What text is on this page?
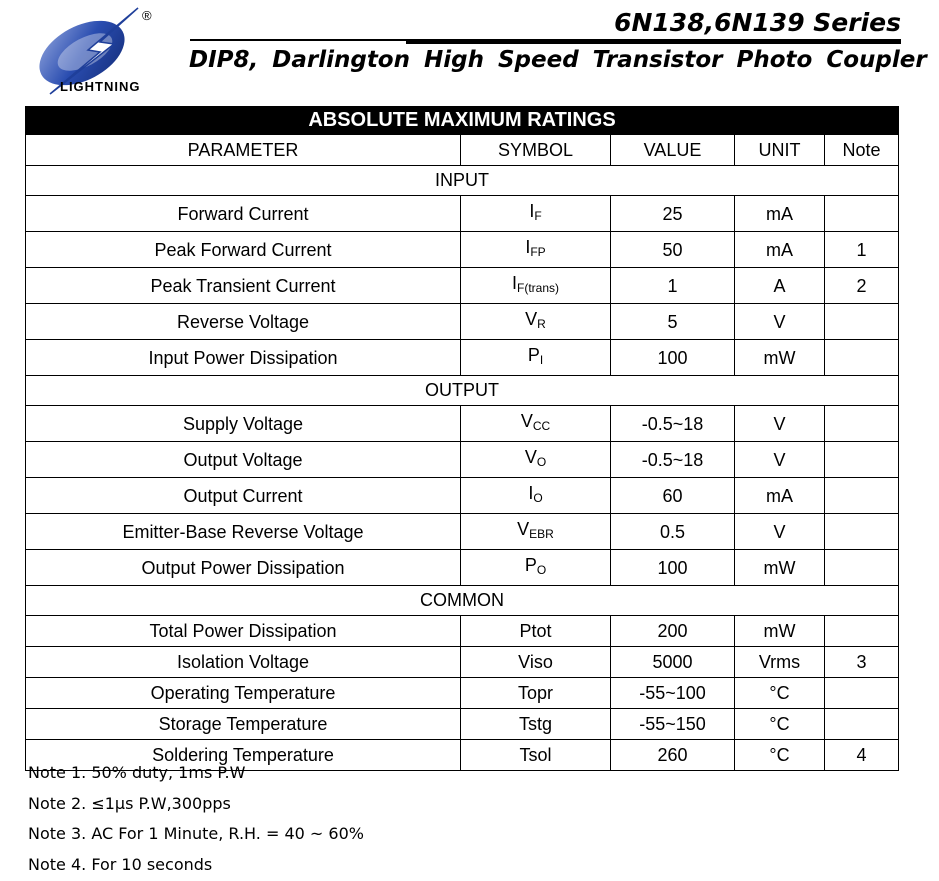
®
LIGHTNING
6N138,6N139 Series
DIP8, Darlington High Speed Transistor Photo Coupler
ABSOLUTE MAXIMUM RATINGS				
PARAMETER	SYMBOL	VALUE	UNIT	Note
INPUT				
Forward Current	$I_F$	25	mA	
Peak Forward Current	$I_{FP}$	50	mA	1
Peak Transient Current	$I_{F(trans)}$	1	A	2
Reverse Voltage	$V_R$	5	V	
Input Power Dissipation	$P_I$	100	mW	
OUTPUT				
Supply Voltage	$V_{CC}$	-0.5~18	V	
Output Voltage	$V_O$	-0.5~18	V	
Output Current	$I_O$	60	mA	
Emitter-Base Reverse Voltage	$V_{EBR}$	0.5	V	
Output Power Dissipation	$P_O$	100	mW	
COMMON				
Total Power Dissipation	Ptot	200	mW	
Isolation Voltage	Viso	5000	Vrms	3
Operating Temperature	Topr	-55~100	°C	
Storage Temperature	Tstg	-55~150	°C	
Soldering Temperature	Tsol	260	°C	4
Note 1. 50% duty, 1ms P.W
Note 2. ≤1μs P.W,300pps
Note 3. AC For 1 Minute, R.H. = 40 ~ 60%
Note 4. For 10 seconds
